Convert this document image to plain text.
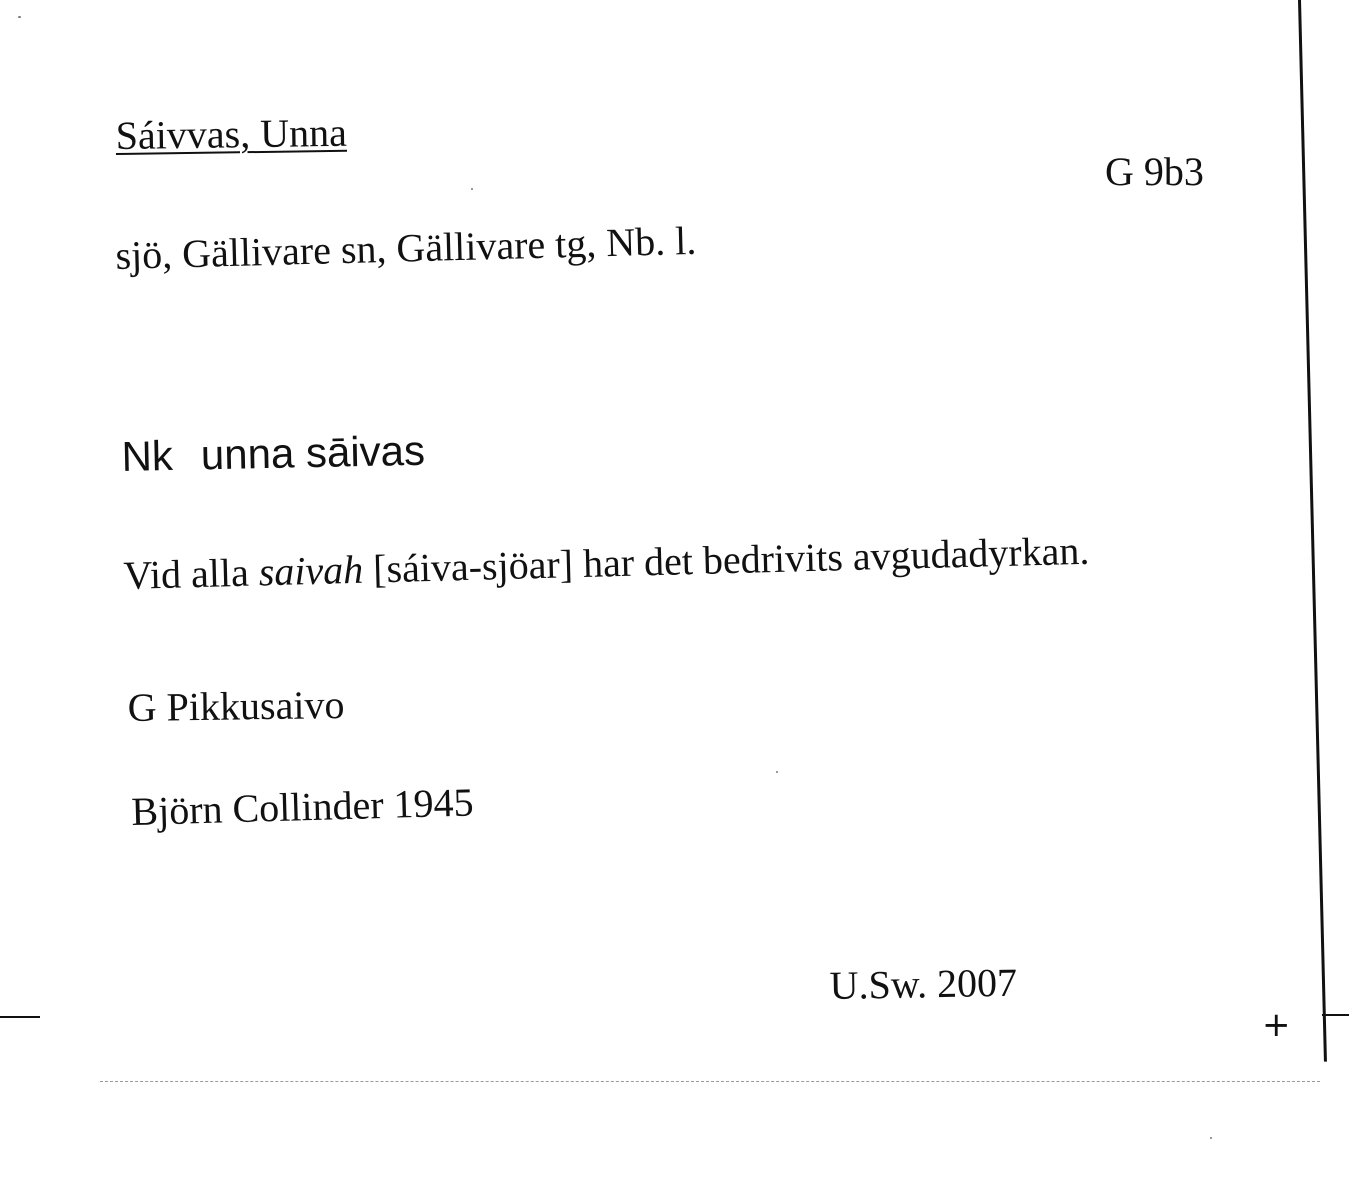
Sáivvas, Unna
G 9b3
sjö, Gällivare sn, Gällivare tg, Nb. l.
Nk unna sāivas
Vid alla saivah [sáiva-sjöar] har det bedrivits avgudadyrkan.
G Pikkusaivo
Björn Collinder 1945
U.Sw. 2007
+
